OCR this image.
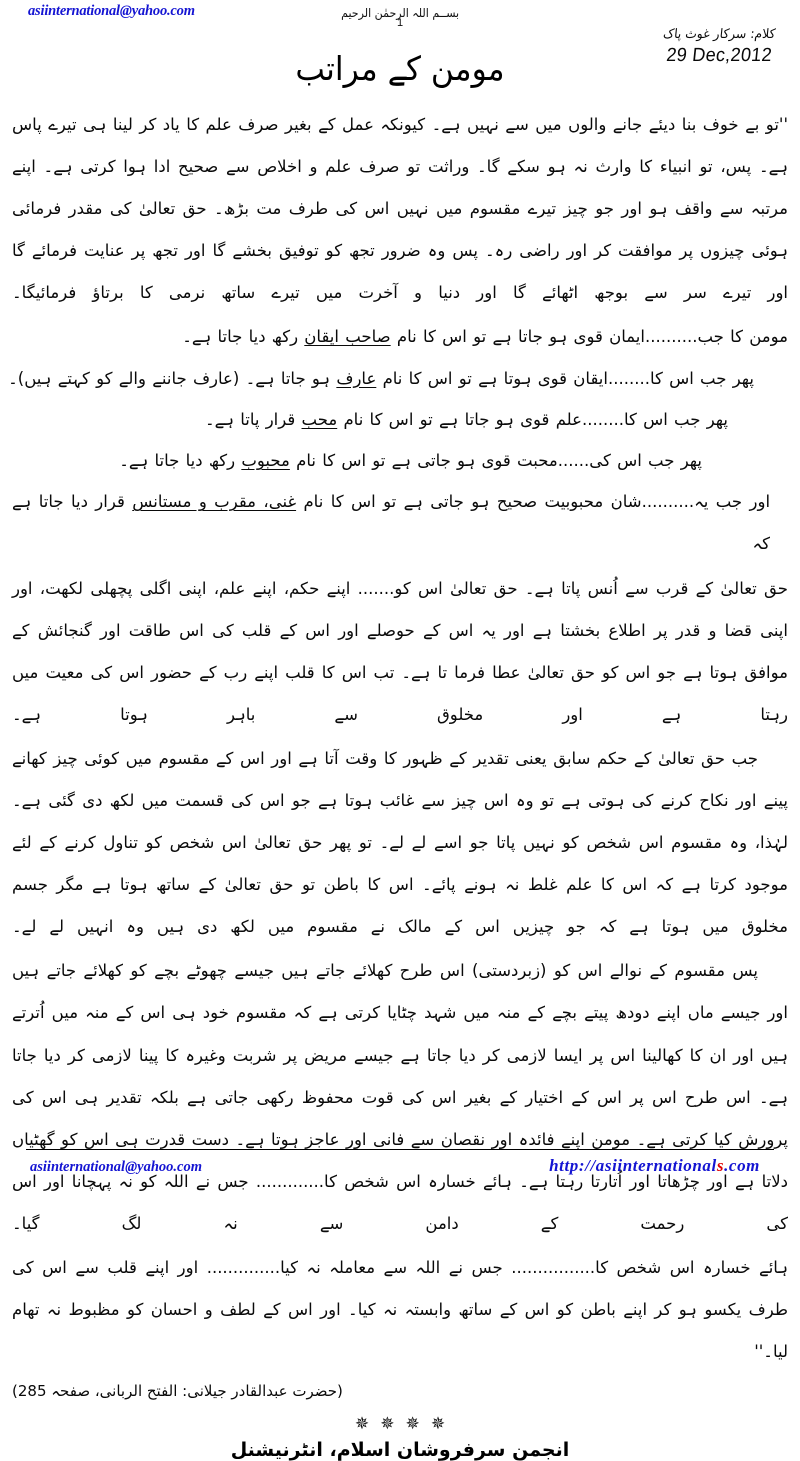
asiinternational@yahoo.com	بســم اللہ الرحمٰن الرحیم
1
کلام: سرکار غوث پاک
29 Dec,2012
مومن کے مراتب

''تو بے خوف بنا دیئے جانے والوں میں سے نہیں ہے۔ کیونکہ عمل کے بغیر صرف علم کا یاد کر لینا ہی تیرے پاس ہے۔ پس، تو انبیاء کا وارث نہ ہو سکے گا۔ وراثت تو صرف علم و اخلاص سے صحیح ادا ہوا کرتی ہے۔ اپنے مرتبہ سے واقف ہو اور جو چیز تیرے مقسوم میں نہیں اس کی طرف مت بڑھ۔ حق تعالیٰ کی مقدر فرمائی ہوئی چیزوں پر موافقت کر اور راضی رہ۔ پس وہ ضرور تجھ کو توفیق بخشے گا اور تجھ پر عنایت فرمائے گا اور تیرے سر سے بوجھ اٹھائے گا اور دنیا و آخرت میں تیرے ساتھ نرمی کا برتاؤ فرمائیگا۔

مومن کا جب..........ایمان قوی ہو جاتا ہے تو اس کا نام صاحب ایقان رکھ دیا جاتا ہے۔
پھر جب اس کا........ایقان قوی ہوتا ہے تو اس کا نام عارف ہو جاتا ہے۔ (عارف جاننے والے کو کہتے ہیں)۔
پھر جب اس کا........علم قوی ہو جاتا ہے تو اس کا نام محب قرار پاتا ہے۔
پھر جب اس کی......محبت قوی ہو جاتی ہے تو اس کا نام محبوب رکھ دیا جاتا ہے۔
اور جب یہ..........شان محبوبیت صحیح ہو جاتی ہے تو اس کا نام غنی، مقرب و مستانس قرار دیا جاتا ہے کہ

حق تعالیٰ کے قرب سے اُنس پاتا ہے۔ حق تعالیٰ اس کو....... اپنے حکم، اپنے علم، اپنی اگلی پچھلی لکھت، اور اپنی قضا و قدر پر اطلاع بخشتا ہے اور یہ اس کے حوصلے اور اس کے قلب کی اس طاقت اور گنجائش کے موافق ہوتا ہے جو اس کو حق تعالیٰ عطا فرما تا ہے۔ تب اس کا قلب اپنے رب کے حضور اس کی معیت میں رہتا ہے اور مخلوق سے باہر ہوتا ہے۔

جب حق تعالیٰ کے حکم سابق یعنی تقدیر کے ظہور کا وقت آتا ہے اور اس کے مقسوم میں کوئی چیز کھانے پینے اور نکاح کرنے کی ہوتی ہے تو وہ اس چیز سے غائب ہوتا ہے جو اس کی قسمت میں لکھ دی گئی ہے۔ لہٰذا، وہ مقسوم اس شخص کو نہیں پاتا جو اسے لے لے۔ تو پھر حق تعالیٰ اس شخص کو تناول کرنے کے لئے موجود کرتا ہے کہ اس کا علم غلط نہ ہونے پائے۔ اس کا باطن تو حق تعالیٰ کے ساتھ ہوتا ہے مگر جسم مخلوق میں ہوتا ہے کہ جو چیزیں اس کے مالک نے مقسوم میں لکھ دی ہیں وہ انہیں لے لے۔

پس مقسوم کے نوالے اس کو (زبردستی) اس طرح کھلائے جاتے ہیں جیسے چھوٹے بچے کو کھلائے جاتے ہیں اور جیسے ماں اپنے دودھ پیتے بچے کے منہ میں شہد چٹایا کرتی ہے کہ مقسوم خود ہی اس کے منہ میں اُترتے ہیں اور ان کا کھالینا اس پر ایسا لازمی کر دیا جاتا ہے جیسے مریض پر شربت وغیرہ کا پینا لازمی کر دیا جاتا ہے۔ اس طرح اس پر اس کے اختیار کے بغیر اس کی قوت محفوظ رکھی جاتی ہے بلکہ تقدیر ہی اس کی پرورش کیا کرتی ہے۔ مومن اپنے فائدہ اور نقصان سے فانی اور عاجز ہوتا ہے۔ دست قدرت ہی اس کو گھٹیاں دلاتا ہے اور چڑھاتا اور اُتارتا رہتا ہے۔ ہائے خسارہ اس شخص کا............. جس نے اللہ کو نہ پہچانا اور اس کی رحمت کے دامن سے نہ لگ گیا۔

ہائے خسارہ اس شخص کا................ جس نے اللہ سے معاملہ نہ کیا.............. اور اپنے قلب سے اس کی طرف یکسو ہو کر اپنے باطن کو اس کے ساتھ وابستہ نہ کیا۔ اور اس کے لطف و احسان کو مظبوط نہ تھام لیا۔''

(حضرت عبدالقادر جیلانی: الفتح الربانی، صفحہ 285)
✵ ✵ ✵ ✵
انجمن سرفروشان اسلام، انٹرنیشنل
asiinternational@yahoo.com	http://asiinternationals.com
